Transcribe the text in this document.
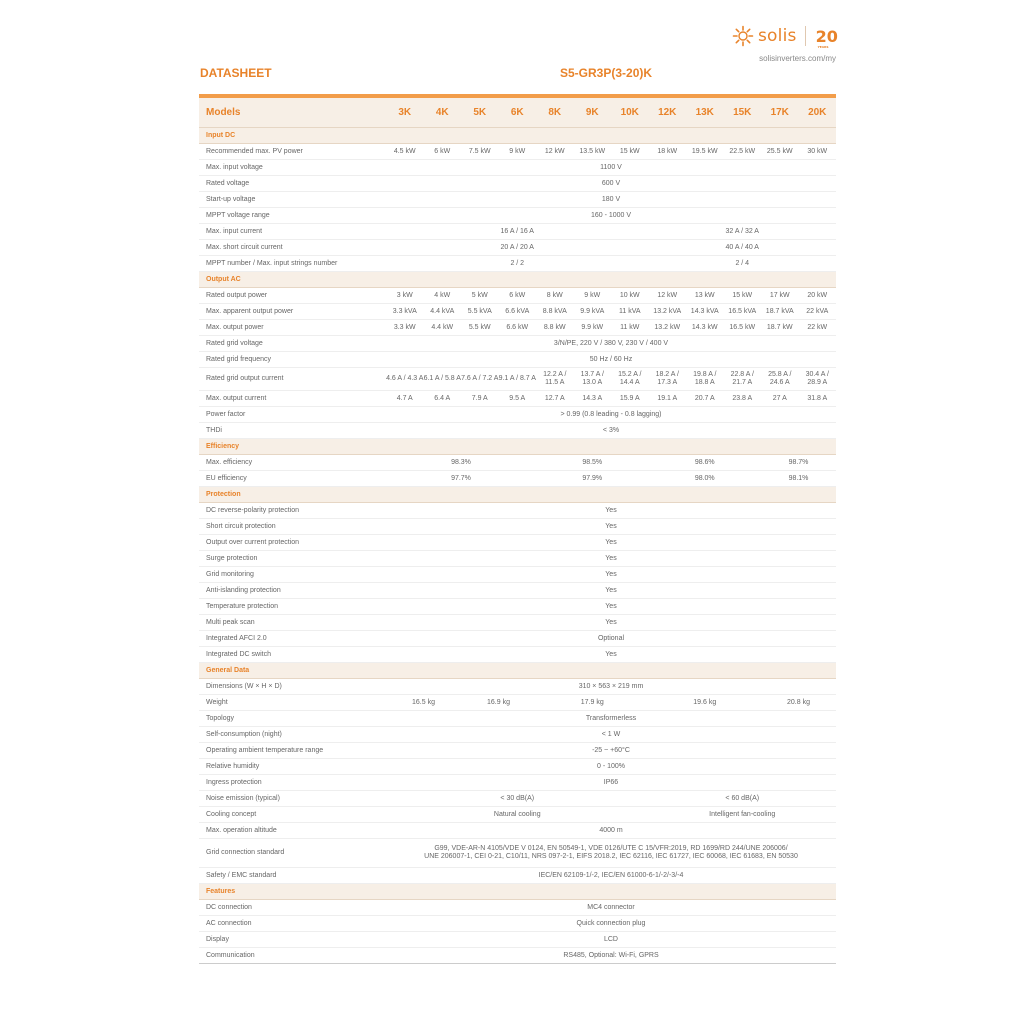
solis 20
YEARS
solisinverters.com/my
DATASHEET	S5-GR3P(3-20)K
Models	3K	4K	5K	6K	8K	9K	10K	12K	13K	15K	17K	20K
Input DC												
Recommended max. PV power	4.5 kW	6 kW	7.5 kW	9 kW	12 kW	13.5 kW	15 kW	18 kW	19.5 kW	22.5 kW	25.5 kW	30 kW
Max. input voltage	1100 V											
Rated voltage	600 V											
Start-up voltage	180 V											
MPPT voltage range	160 - 1000 V											
Max. input current	16 A / 16 A							32 A / 32 A				
Max. short circuit current	20 A / 20 A							40 A / 40 A				
MPPT number / Max. input strings number	2 / 2							2 / 4				
Output AC												
Rated output power	3 kW	4 kW	5 kW	6 kW	8 kW	9 kW	10 kW	12 kW	13 kW	15 kW	17 kW	20 kW
Max. apparent output power	3.3 kVA	4.4 kVA	5.5 kVA	6.6 kVA	8.8 kVA	9.9 kVA	11 kVA	13.2 kVA	14.3 kVA	16.5 kVA	18.7 kVA	22 kVA
Max. output power	3.3 kW	4.4 kW	5.5 kW	6.6 kW	8.8 kW	9.9 kW	11 kW	13.2 kW	14.3 kW	16.5 kW	18.7 kW	22 kW
Rated grid voltage	3/N/PE, 220 V / 380 V, 230 V / 400 V											
Rated grid frequency	50 Hz / 60 Hz											
Rated grid output current	4.6 A / 4.3 A	6.1 A / 5.8 A	7.6 A / 7.2 A	9.1 A / 8.7 A	12.2 A / 11.5 A	13.7 A / 13.0 A	15.2 A / 14.4 A	18.2 A / 17.3 A	19.8 A / 18.8 A	22.8 A / 21.7 A	25.8 A / 24.6 A	30.4 A / 28.9 A
Max. output current	4.7 A	6.4 A	7.9 A	9.5 A	12.7 A	14.3 A	15.9 A	19.1 A	20.7 A	23.8 A	27 A	31.8 A
Power factor	> 0.99 (0.8 leading - 0.8 lagging)											
THDi	< 3%											
Efficiency												
Max. efficiency	98.3%				98.5%			98.6%			98.7%	
EU efficiency	97.7%				97.9%			98.0%			98.1%	
Protection												
DC reverse-polarity protection	Yes											
Short circuit protection	Yes											
Output over current protection	Yes											
Surge protection	Yes											
Grid monitoring	Yes											
Anti-islanding protection	Yes											
Temperature protection	Yes											
Multi peak scan	Yes											
Integrated AFCI 2.0	Optional											
Integrated DC switch	Yes											
General Data												
Dimensions (W × H × D)	310 × 563 × 219 mm											
Weight	16.5 kg		16.9 kg		17.9 kg			19.6 kg			20.8 kg	
Topology	Transformerless											
Self-consumption (night)	< 1 W											
Operating ambient temperature range	-25 ~ +60°C											
Relative humidity	0 - 100%											
Ingress protection	IP66											
Noise emission (typical)	< 30 dB(A)							< 60 dB(A)				
Cooling concept	Natural cooling							Intelligent fan-cooling				
Max. operation altitude	4000 m											
Grid connection standard	G99, VDE-AR-N 4105/VDE V 0124, EN 50549-1, VDE 0126/UTE C 15/VFR:2019, RD 1699/RD 244/UNE 206006/
UNE 206007-1, CEI 0-21, C10/11, NRS 097-2-1, EIFS 2018.2, IEC 62116, IEC 61727, IEC 60068, IEC 61683, EN 50530											

Safety / EMC standard	IEC/EN 62109-1/-2, IEC/EN 61000-6-1/-2/-3/-4											
Features												
DC connection	MC4 connector											
AC connection	Quick connection plug											
Display	LCD											
Communication	RS485, Optional: Wi-Fi, GPRS											
